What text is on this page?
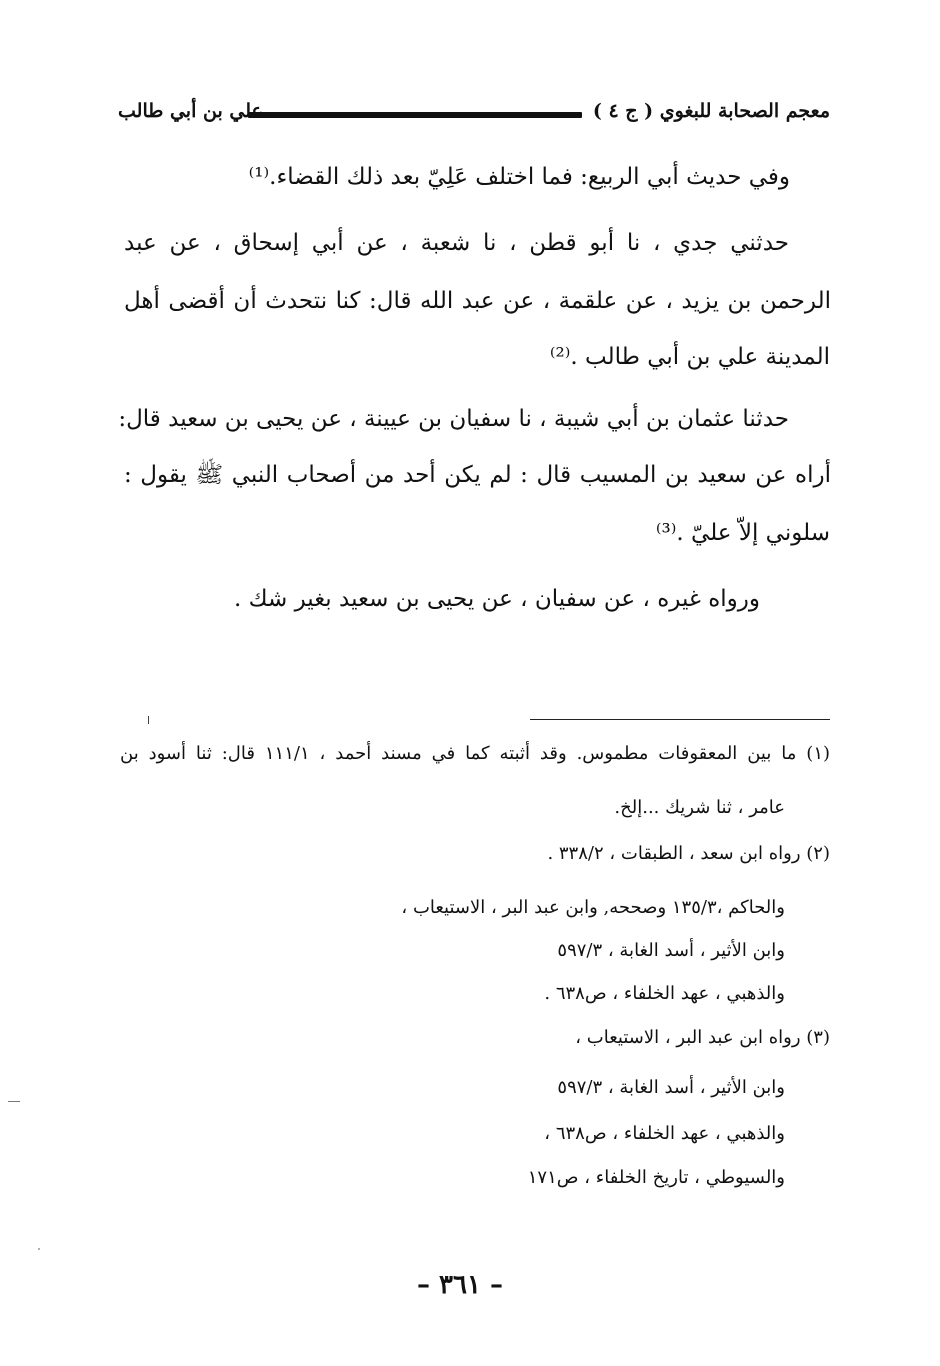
معجم الصحابة للبغوي ( ج ٤ )
علي بن أبي طالب
وفي حديث أبي الربيع: فما اختلف عَلِيّ بعد ذلك القضاء.⁽¹⁾
حدثني جدي ، نا أبو قطن ، نا شعبة ، عن أبي إسحاق ، عن عبد
الرحمن بن يزيد ، عن علقمة ، عن عبد الله قال: كنا نتحدث أن أقضى أهل
المدينة علي بن أبي طالب .⁽²⁾
حدثنا عثمان بن أبي شيبة ، نا سفيان بن عيينة ، عن يحيى بن سعيد قال:
أراه عن سعيد بن المسيب قال : لم يكن أحد من أصحاب النبي ﷺ يقول :
سلوني إلاّ عليّ .⁽³⁾
ورواه غيره ، عن سفيان ، عن يحيى بن سعيد بغير شك .
(١) ما بين المعقوفات مطموس. وقد أثبته كما في مسند أحمد ، ١١١/١ قال: ثنا أسود بن
عامر ، ثنا شريك ...إلخ.
(٢) رواه ابن سعد ، الطبقات ، ٣٣٨/٢ .
والحاكم ،١٣٥/٣ وصححه, وابن عبد البر ، الاستيعاب ،
وابن الأثير ، أسد الغابة ، ٥٩٧/٣
والذهبي ، عهد الخلفاء ، ص٦٣٨ .
(٣) رواه ابن عبد البر ، الاستيعاب ،
وابن الأثير ، أسد الغابة ، ٥٩٧/٣
والذهبي ، عهد الخلفاء ، ص٦٣٨ ،
والسيوطي ، تاريخ الخلفاء ، ص١٧١
– ٣٦١ –
